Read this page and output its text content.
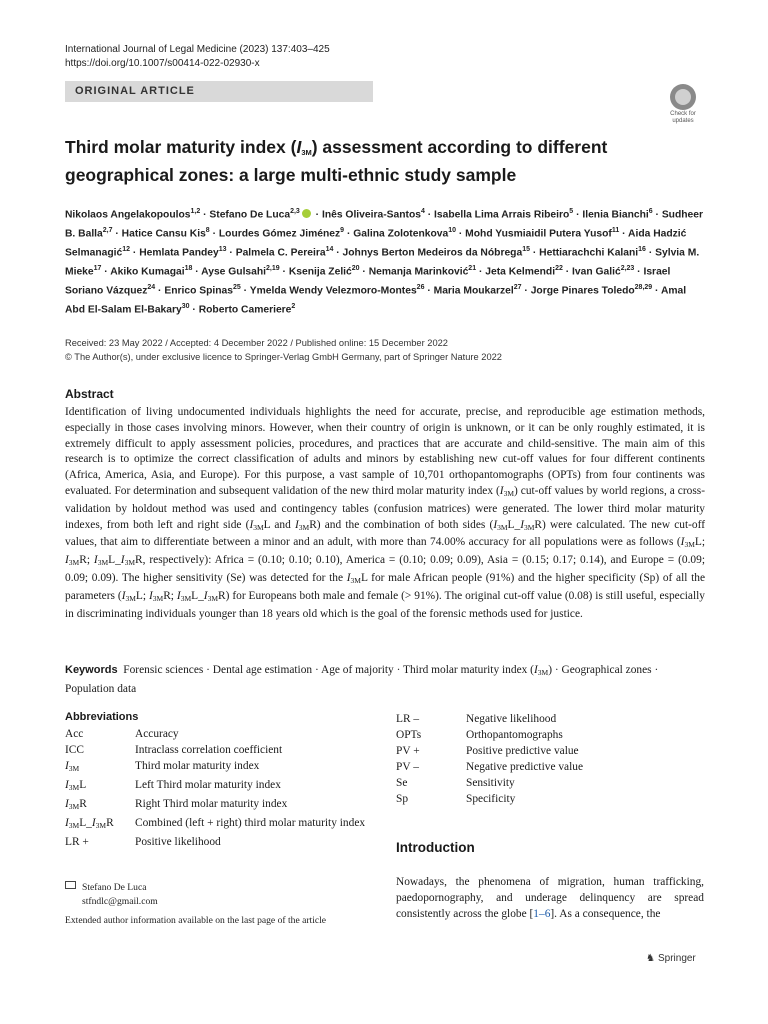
International Journal of Legal Medicine (2023) 137:403–425
https://doi.org/10.1007/s00414-022-02930-x
ORIGINAL ARTICLE
Check for updates
Third molar maturity index $(I_{3M})$ assessment according to different geographical zones: a large multi-ethnic study sample
Nikolaos Angelakopoulos$^{1,2}$ · Stefano De Luca$^{2,3}$ · Inês Oliveira-Santos$^4$ · Isabella Lima Arrais Ribeiro$^5$ · Ilenia Bianchi$^6$ · Sudheer B. Balla$^{2,7}$ · Hatice Cansu Kis$^8$ · Lourdes Gómez Jiménez$^9$ · Galina Zolotenkova$^{10}$ · Mohd Yusmiaidil Putera Yusof$^{11}$ · Aida Hadzić Selmanagić$^{12}$ · Hemlata Pandey$^{13}$ · Palmela C. Pereira$^{14}$ · Johnys Berton Medeiros da Nóbrega$^{15}$ · Hettiarachchi Kalani$^{16}$ · Sylvia M. Mieke$^{17}$ · Akiko Kumagai$^{18}$ · Ayse Gulsahi$^{2,19}$ · Ksenija Zelić$^{20}$ · Nemanja Marinković$^{21}$ · Jeta Kelmendi$^{22}$ · Ivan Galić$^{2,23}$ · Israel Soriano Vázquez$^{24}$ · Enrico Spinas$^{25}$ · Ymelda Wendy Velezmoro-Montes$^{26}$ · Maria Moukarzel$^{27}$ · Jorge Pinares Toledo$^{28,29}$ · Amal Abd El-Salam El-Bakary$^{30}$ · Roberto Cameriere$^2$
Received: 23 May 2022 / Accepted: 4 December 2022 / Published online: 15 December 2022
© The Author(s), under exclusive licence to Springer-Verlag GmbH Germany, part of Springer Nature 2022
Abstract
Identification of living undocumented individuals highlights the need for accurate, precise, and reproducible age estimation methods, especially in those cases involving minors. However, when their country of origin is unknown, or it can be only roughly estimated, it is extremely difficult to apply assessment policies, procedures, and practices that are accurate and child-sensitive. The main aim of this research is to optimize the correct classification of adults and minors by establishing new cut-off values for four different continents (Africa, America, Asia, and Europe). For this purpose, a vast sample of 10,701 orthopantomographs (OPTs) from four continents was evaluated. For determination and subsequent validation of the new third molar maturity index $(I_{3M})$ cut-off values by world regions, a cross-validation by holdout method was used and contingency tables (confusion matrices) were generated. The lower third molar maturity indexes, from both left and right side ($I_{3M}L$ and $I_{3M}R$) and the combination of both sides $(I_{3M}L\_I_{3M}R)$ were calculated. The new cut-off values, that aim to differentiate between a minor and an adult, with more than 74.00% accuracy for all populations were as follows ($I_{3M}L$; $I_{3M}R$; $I_{3M}L\_I_{3M}R$, respectively): Africa = (0.10; 0.10; 0.10), America = (0.10; 0.09; 0.09), Asia = (0.15; 0.17; 0.14), and Europe = (0.09; 0.09; 0.09). The higher sensitivity (Se) was detected for the $I_{3M}L$ for male African people (91%) and the higher specificity (Sp) of all the parameters ($I_{3M}L$; $I_{3M}R$; $I_{3M}L\_I_{3M}R$) for Europeans both male and female (> 91%). The original cut-off value (0.08) is still useful, especially in discriminating individuals younger than 18 years old which is the goal of the forensic methods used for justice.
Keywords Forensic sciences · Dental age estimation · Age of majority · Third molar maturity index $(I_{3M})$ · Geographical zones · Population data
Abbreviations
Acc	Accuracy
ICC	Intraclass correlation coefficient
$I_{3M}$	Third molar maturity index
$I_{3M}L$	Left Third molar maturity index
$I_{3M}R$	Right Third molar maturity index
$I_{3M}L\_I_{3M}R$	Combined (left + right) third molar maturity index
LR +	Positive likelihood
LR –	Negative likelihood
OPTs	Orthopantomographs
PV +	Positive predictive value
PV –	Negative predictive value
Se	Sensitivity
Sp	Specificity
Introduction
Nowadays, the phenomena of migration, human trafficking, paedopornography, and underage delinquency are spread consistently across the globe [1–6]. As a consequence, the
Stefano De Luca
stfndlc@gmail.com
Extended author information available on the last page of the article
♞ Springer
